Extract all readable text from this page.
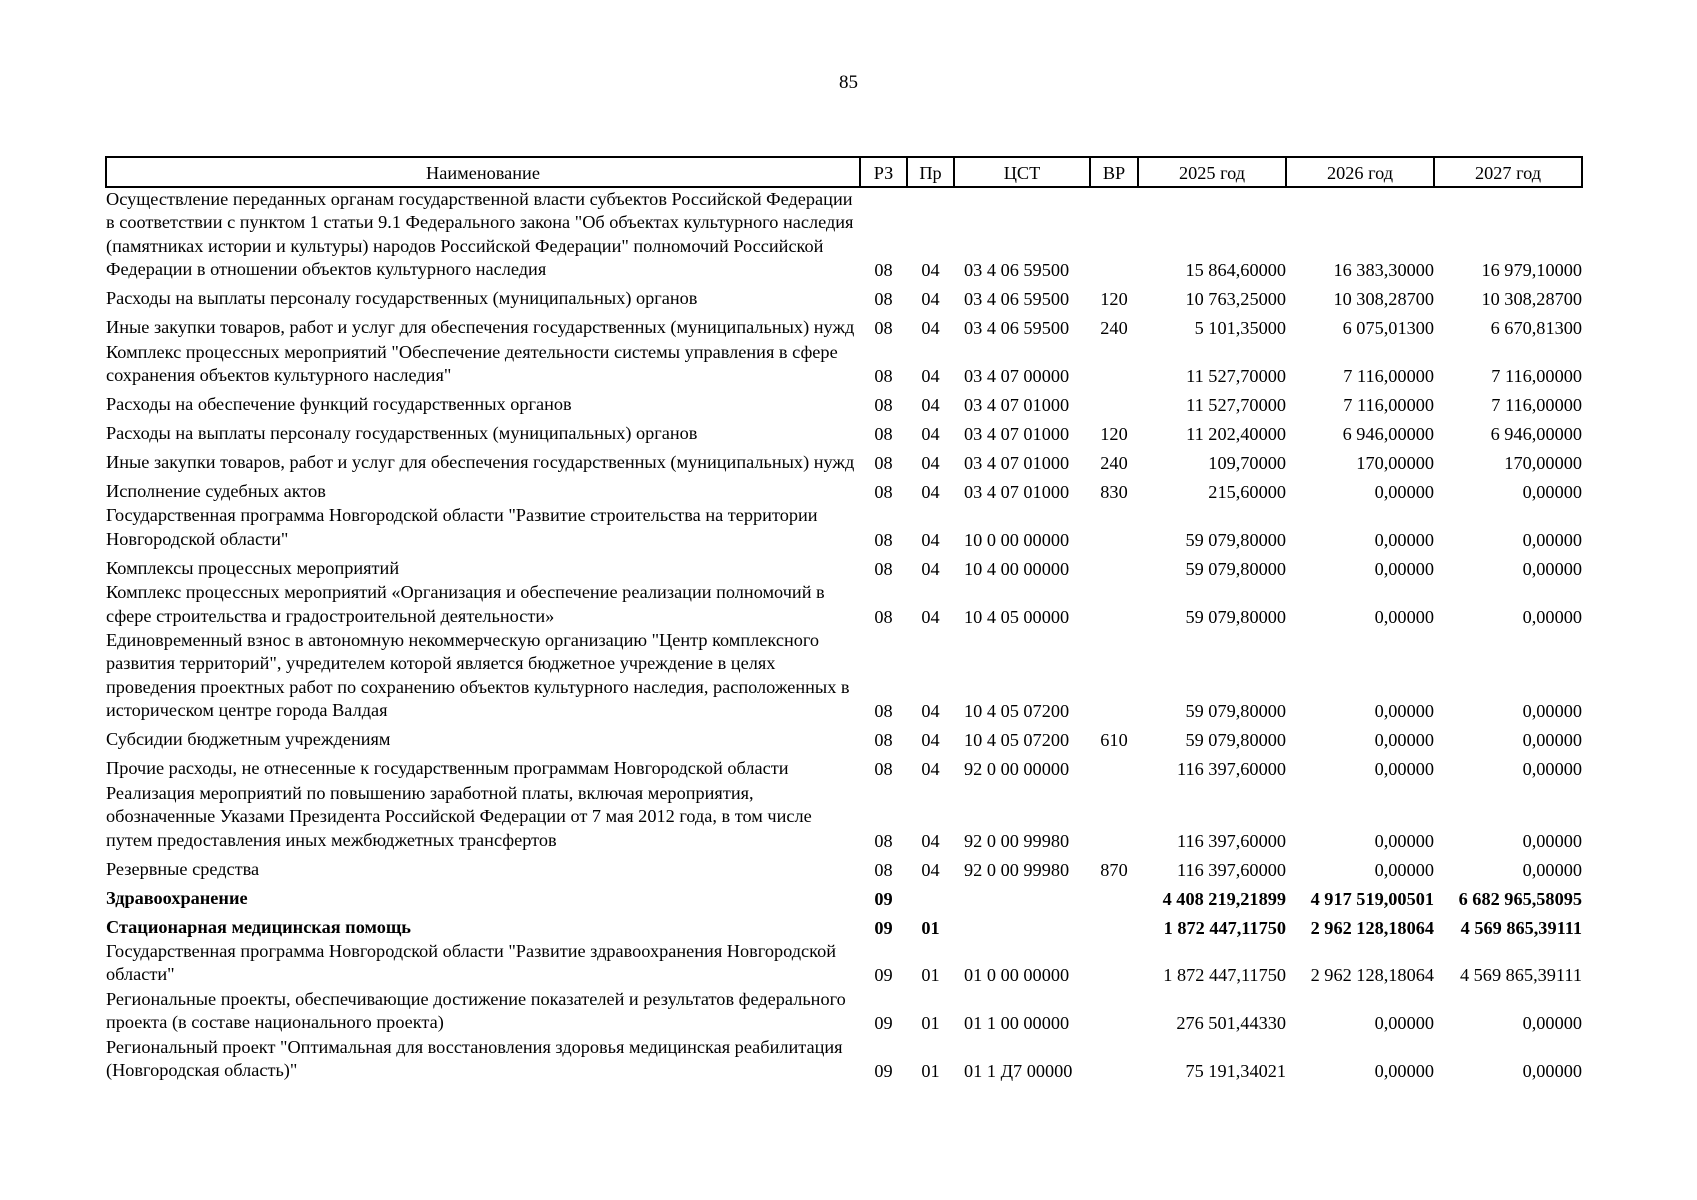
85
Наименование	РЗ	Пр	ЦСТ	ВР	2025 год	2026 год	2027 год
Осуществление переданных органам государственной власти субъектов Российской Федерации в соответствии с пунктом 1 статьи 9.1 Федерального закона "Об объектах культурного наследия (памятниках истории и культуры) народов Российской Федерации" полномочий Российской Федерации в отношении объектов культурного наследия	08	04	03 4 06 59500		15 864,60000	16 383,30000	16 979,10000
Расходы на выплаты персоналу государственных (муниципальных) органов	08	04	03 4 06 59500	120	10 763,25000	10 308,28700	10 308,28700
Иные закупки товаров, работ и услуг для обеспечения государственных (муниципальных) нужд	08	04	03 4 06 59500	240	5 101,35000	6 075,01300	6 670,81300
Комплекс процессных мероприятий "Обеспечение деятельности системы управления в сфере сохранения объектов культурного наследия"	08	04	03 4 07 00000		11 527,70000	7 116,00000	7 116,00000
Расходы на обеспечение функций государственных органов	08	04	03 4 07 01000		11 527,70000	7 116,00000	7 116,00000
Расходы на выплаты персоналу государственных (муниципальных) органов	08	04	03 4 07 01000	120	11 202,40000	6 946,00000	6 946,00000
Иные закупки товаров, работ и услуг для обеспечения государственных (муниципальных) нужд	08	04	03 4 07 01000	240	109,70000	170,00000	170,00000
Исполнение судебных актов	08	04	03 4 07 01000	830	215,60000	0,00000	0,00000
Государственная программа Новгородской области "Развитие строительства на территории Новгородской области"	08	04	10 0 00 00000		59 079,80000	0,00000	0,00000
Комплексы процессных мероприятий	08	04	10 4 00 00000		59 079,80000	0,00000	0,00000
Комплекс процессных мероприятий «Организация и обеспечение реализации полномочий в сфере строительства и градостроительной деятельности»	08	04	10 4 05 00000		59 079,80000	0,00000	0,00000
Единовременный взнос в автономную некоммерческую организацию "Центр комплексного развития территорий", учредителем которой является бюджетное учреждение в целях проведения проектных работ по сохранению объектов культурного наследия, расположенных в историческом центре города Валдая	08	04	10 4 05 07200		59 079,80000	0,00000	0,00000
Субсидии бюджетным учреждениям	08	04	10 4 05 07200	610	59 079,80000	0,00000	0,00000
Прочие расходы, не отнесенные к государственным программам Новгородской области	08	04	92 0 00 00000		116 397,60000	0,00000	0,00000
Реализация мероприятий по повышению заработной платы, включая мероприятия, обозначенные Указами Президента Российской Федерации от 7 мая 2012 года, в том числе путем предоставления иных межбюджетных трансфертов	08	04	92 0 00 99980		116 397,60000	0,00000	0,00000
Резервные средства	08	04	92 0 00 99980	870	116 397,60000	0,00000	0,00000
Здравоохранение	09				4 408 219,21899	4 917 519,00501	6 682 965,58095
Стационарная медицинская помощь	09	01			1 872 447,11750	2 962 128,18064	4 569 865,39111
Государственная программа Новгородской области "Развитие здравоохранения Новгородской области"	09	01	01 0 00 00000		1 872 447,11750	2 962 128,18064	4 569 865,39111
Региональные проекты, обеспечивающие достижение показателей и результатов федерального проекта (в составе национального проекта)	09	01	01 1 00 00000		276 501,44330	0,00000	0,00000
Региональный проект "Оптимальная для восстановления здоровья медицинская реабилитация (Новгородская область)"	09	01	01 1 Д7 00000		75 191,34021	0,00000	0,00000
